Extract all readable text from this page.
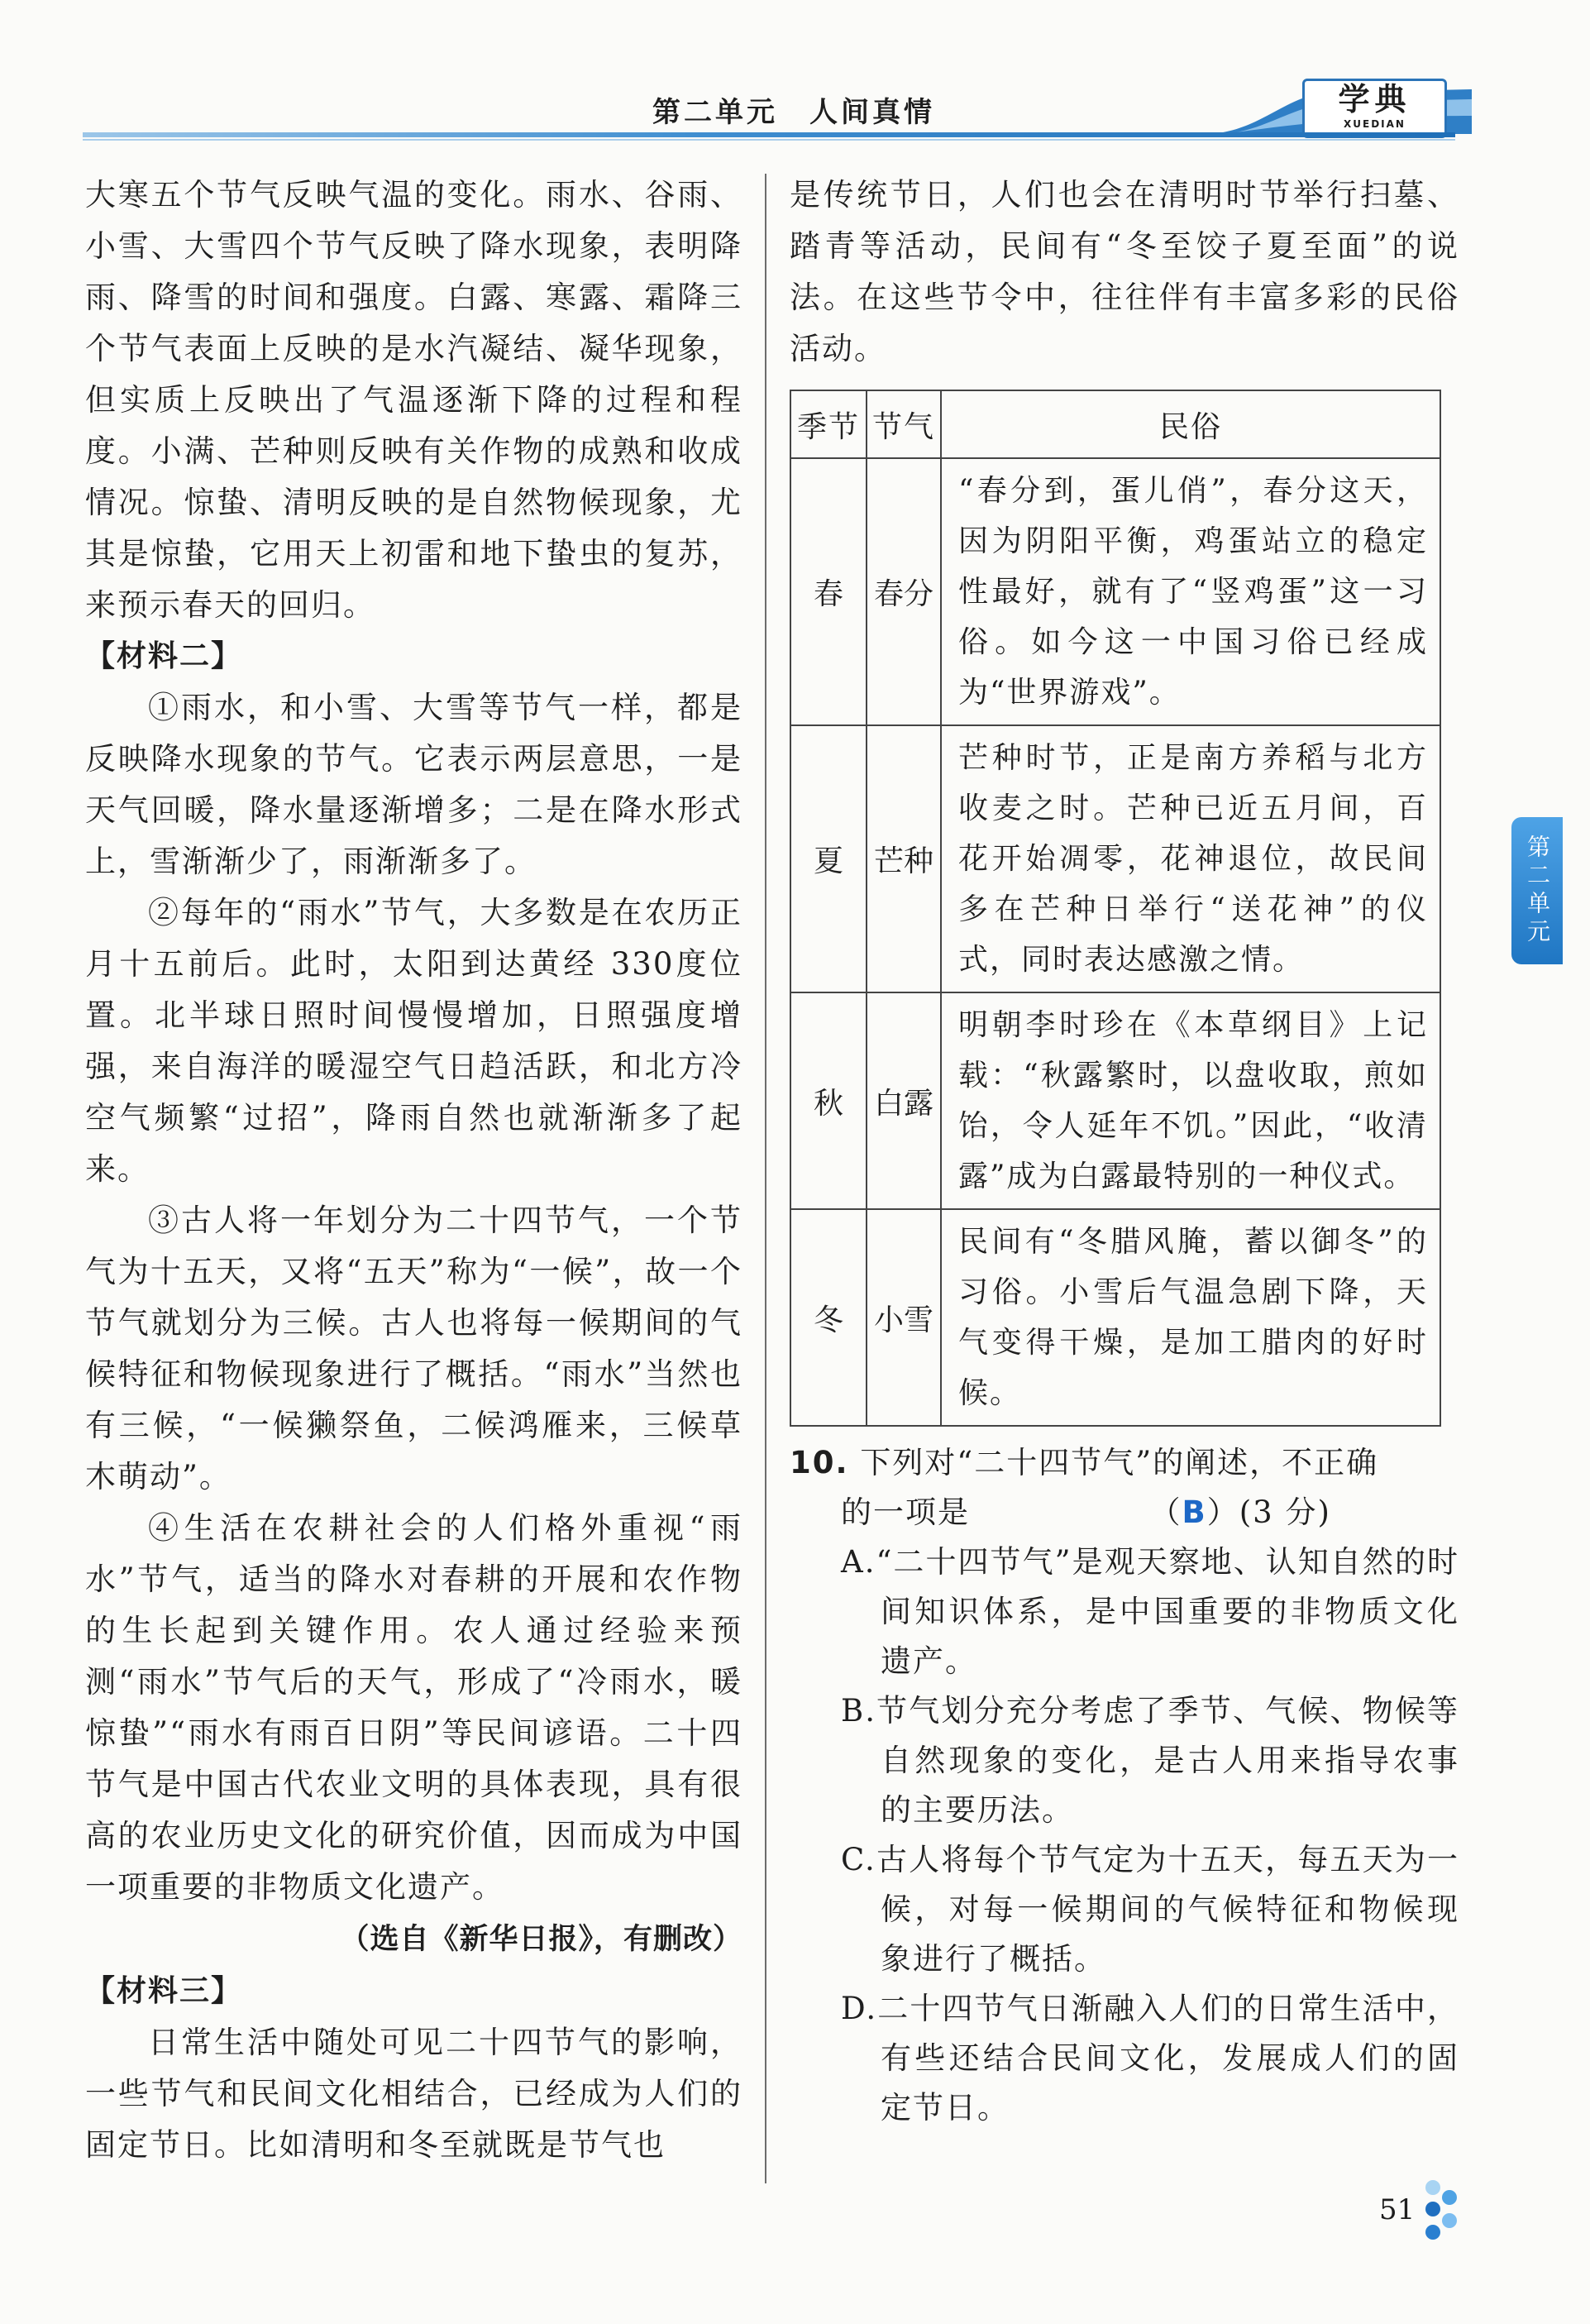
第二单元　人间真情	学典
XUEDIAN
大寒五个节气反映气温的变化。雨水、谷雨、小雪、大雪四个节气反映了降水现象，表明降雨、降雪的时间和强度。白露、寒露、霜降三个节气表面上反映的是水汽凝结、凝华现象，但实质上反映出了气温逐渐下降的过程和程度。小满、芒种则反映有关作物的成熟和收成情况。惊蛰、清明反映的是自然物候现象，尤其是惊蛰，它用天上初雷和地下蛰虫的复苏，来预示春天的回归。
【材料二】
①雨水，和小雪、大雪等节气一样，都是反映降水现象的节气。它表示两层意思，一是天气回暖，降水量逐渐增多；二是在降水形式上，雪渐渐少了，雨渐渐多了。
②每年的“雨水”节气，大多数是在农历正月十五前后。此时，太阳到达黄经 330度位置。北半球日照时间慢慢增加，日照强度增强，来自海洋的暖湿空气日趋活跃，和北方冷空气频繁“过招”，降雨自然也就渐渐多了起来。
③古人将一年划分为二十四节气，一个节气为十五天，又将“五天”称为“一候”，故一个节气就划分为三候。古人也将每一候期间的气候特征和物候现象进行了概括。“雨水”当然也有三候，“一候獭祭鱼，二候鸿雁来，三候草木萌动”。
④生活在农耕社会的人们格外重视“雨水”节气，适当的降水对春耕的开展和农作物的生长起到关键作用。农人通过经验来预测“雨水”节气后的天气，形成了“冷雨水，暖惊蛰”“雨水有雨百日阴”等民间谚语。二十四节气是中国古代农业文明的具体表现，具有很高的农业历史文化的研究价值，因而成为中国一项重要的非物质文化遗产。
（选自《新华日报》，有删改）
【材料三】
日常生活中随处可见二十四节气的影响，一些节气和民间文化相结合，已经成为人们的固定节日。比如清明和冬至就既是节气也
是传统节日，人们也会在清明时节举行扫墓、踏青等活动，民间有“冬至饺子夏至面”的说法。在这些节令中，往往伴有丰富多彩的民俗活动。
季节	节气	民俗
春	春分	“春分到，蛋儿俏”，春分这天，因为阴阳平衡，鸡蛋站立的稳定性最好，就有了“竖鸡蛋”这一习俗。如今这一中国习俗已经成为“世界游戏”。
夏	芒种	芒种时节，正是南方养稻与北方收麦之时。芒种已近五月间，百花开始凋零，花神退位，故民间多在芒种日举行“送花神”的仪式，同时表达感激之情。
秋	白露	明朝李时珍在《本草纲目》上记载：“秋露繁时，以盘收取，煎如饴，令人延年不饥。”因此，“收清露”成为白露最特别的一种仪式。
冬	小雪	民间有“冬腊风腌，蓄以御冬”的习俗。小雪后气温急剧下降，天气变得干燥，是加工腊肉的好时候。
10. 下列对“二十四节气”的阐述，不正确
的一项是	（B）(3 分)
A.“二十四节气”是观天察地、认知自然的时间知识体系，是中国重要的非物质文化遗产。
B.节气划分充分考虑了季节、气候、物候等自然现象的变化，是古人用来指导农事的主要历法。
C.古人将每个节气定为十五天，每五天为一候，对每一候期间的气候特征和物候现象进行了概括。
D.二十四节气日渐融入人们的日常生活中，有些还结合民间文化，发展成人们的固定节日。
第二单元
51
